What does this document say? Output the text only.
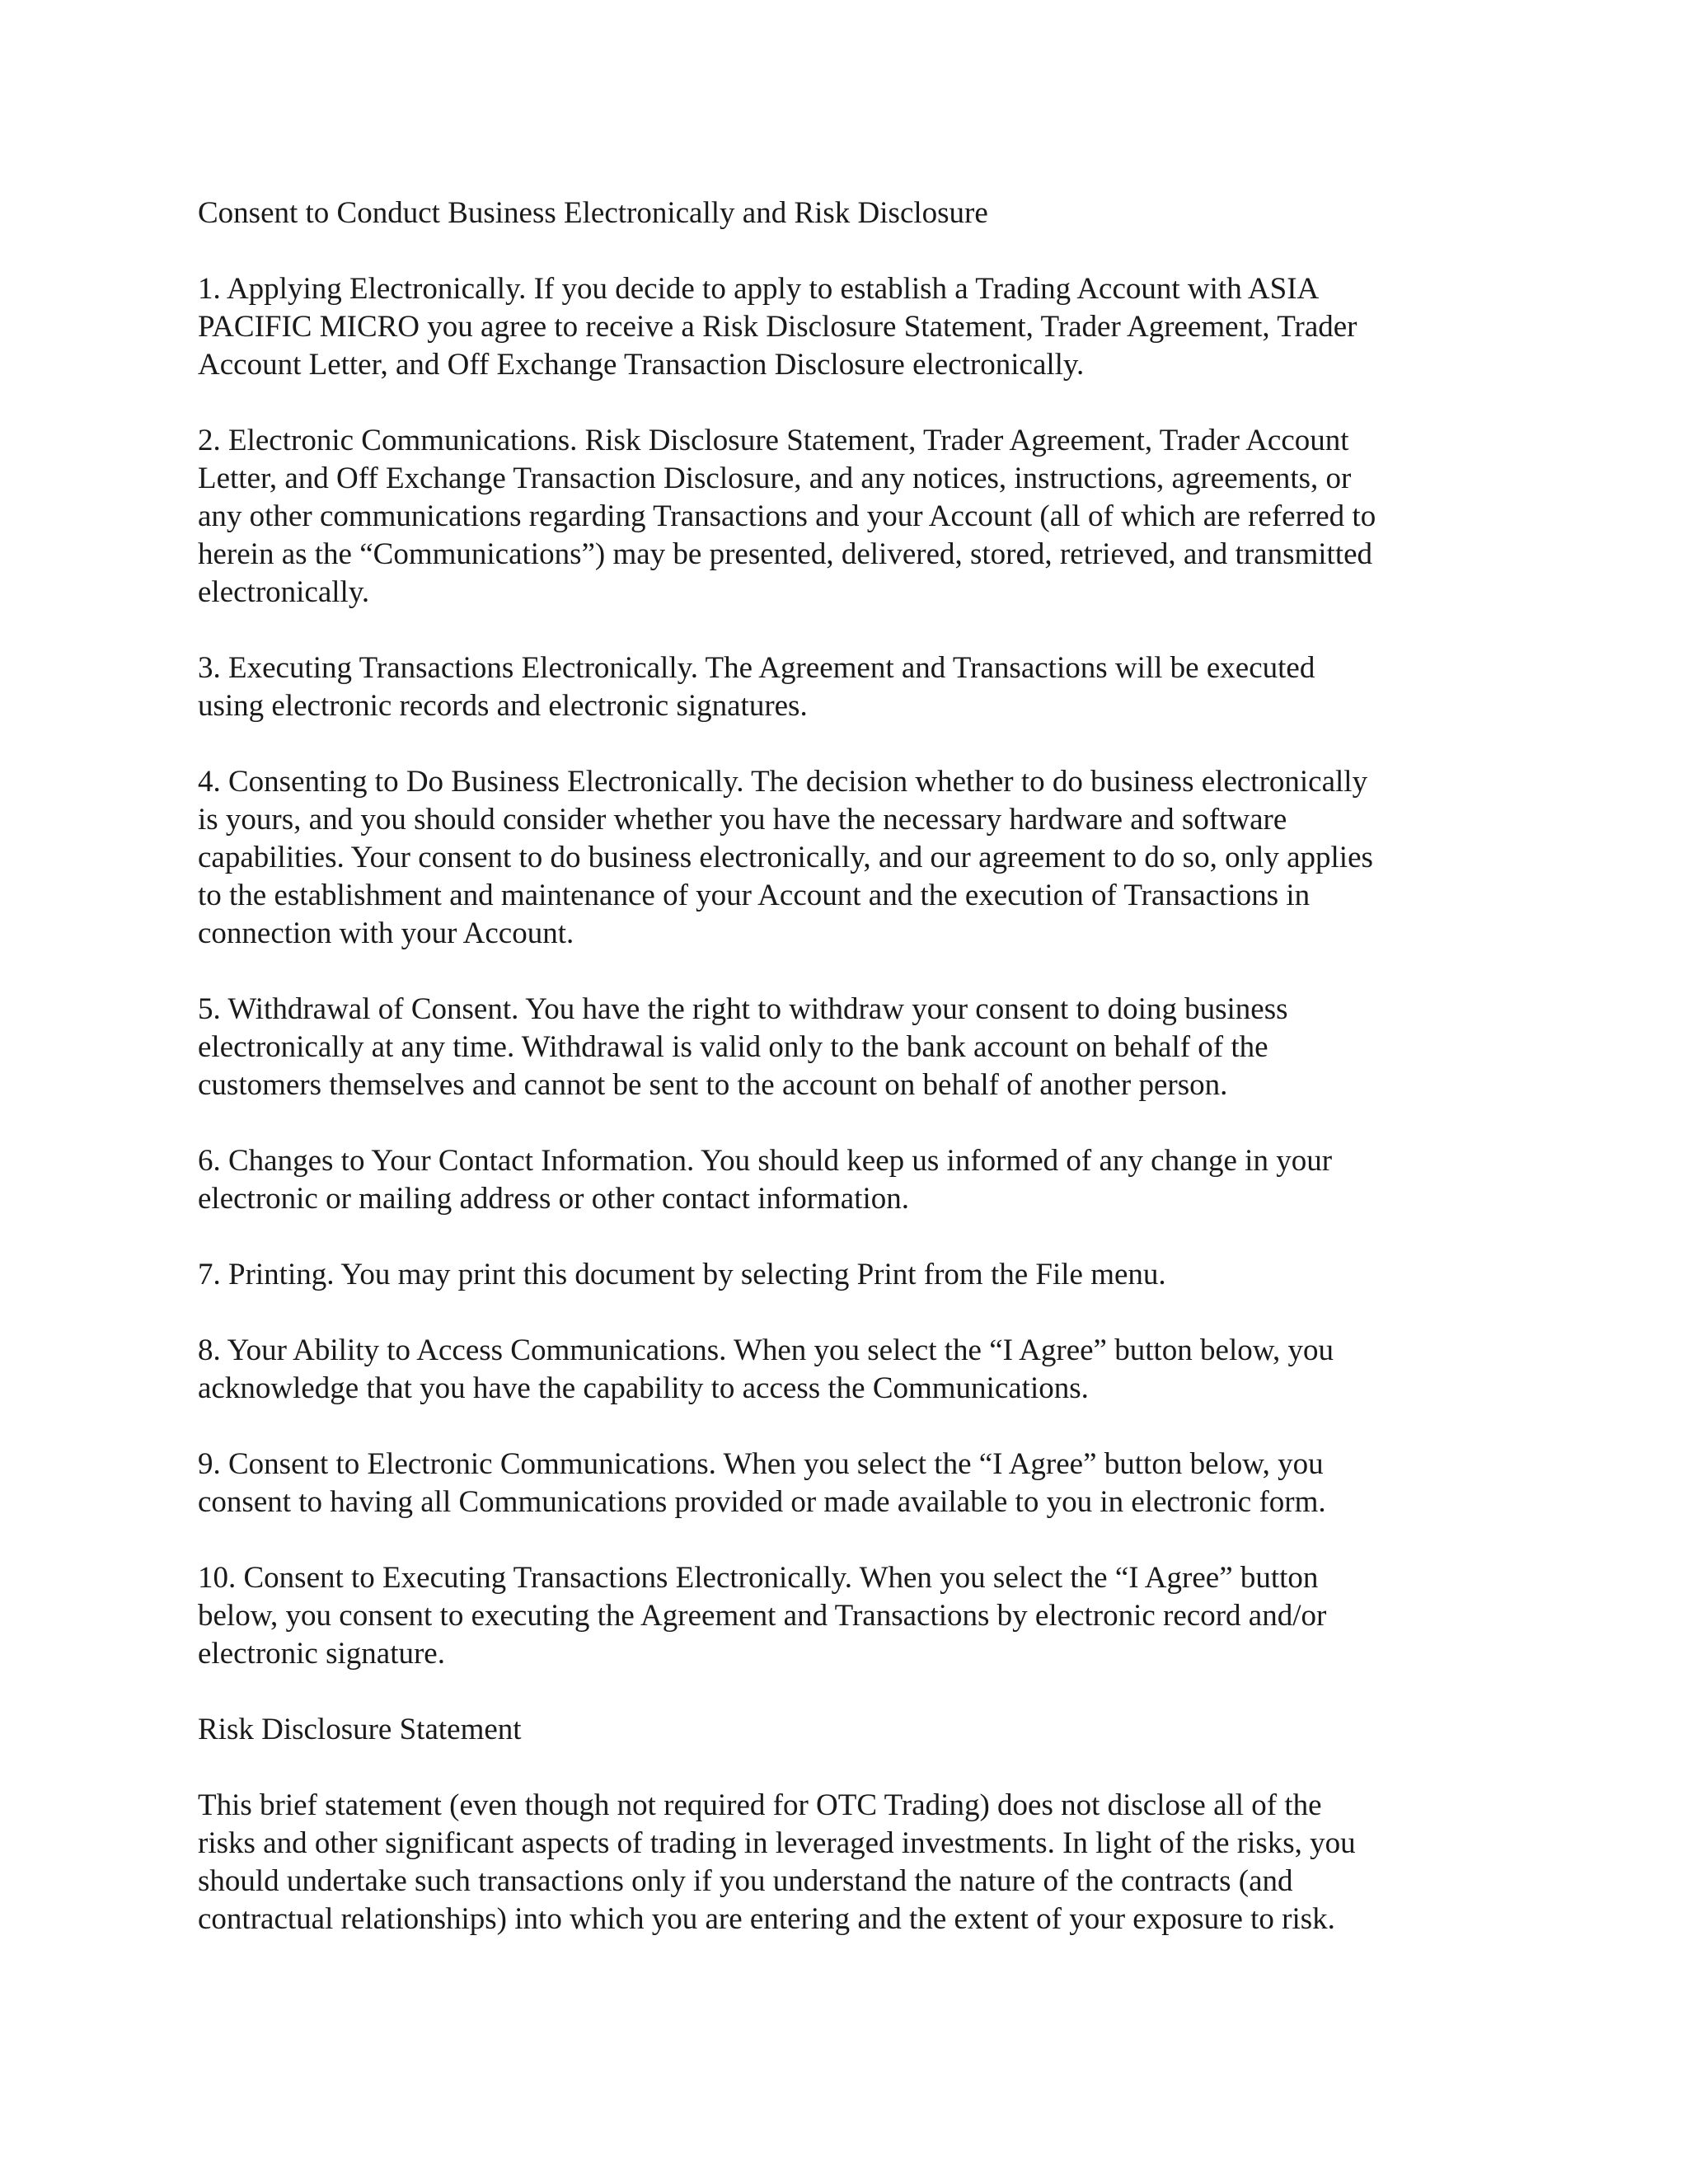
Consent to Conduct Business Electronically and Risk Disclosure

1. Applying Electronically. If you decide to apply to establish a Trading Account with ASIA
PACIFIC MICRO you agree to receive a Risk Disclosure Statement, Trader Agreement, Trader
Account Letter, and Off Exchange Transaction Disclosure electronically.

2. Electronic Communications. Risk Disclosure Statement, Trader Agreement, Trader Account
Letter, and Off Exchange Transaction Disclosure, and any notices, instructions, agreements, or
any other communications regarding Transactions and your Account (all of which are referred to
herein as the “Communications”) may be presented, delivered, stored, retrieved, and transmitted
electronically.

3. Executing Transactions Electronically. The Agreement and Transactions will be executed
using electronic records and electronic signatures.

4. Consenting to Do Business Electronically. The decision whether to do business electronically
is yours, and you should consider whether you have the necessary hardware and software
capabilities. Your consent to do business electronically, and our agreement to do so, only applies
to the establishment and maintenance of your Account and the execution of Transactions in
connection with your Account.

5. Withdrawal of Consent. You have the right to withdraw your consent to doing business
electronically at any time. Withdrawal is valid only to the bank account on behalf of the
customers themselves and cannot be sent to the account on behalf of another person.

6. Changes to Your Contact Information. You should keep us informed of any change in your
electronic or mailing address or other contact information.

7. Printing. You may print this document by selecting Print from the File menu.

8. Your Ability to Access Communications. When you select the “I Agree” button below, you
acknowledge that you have the capability to access the Communications.

9. Consent to Electronic Communications. When you select the “I Agree” button below, you
consent to having all Communications provided or made available to you in electronic form.

10. Consent to Executing Transactions Electronically. When you select the “I Agree” button
below, you consent to executing the Agreement and Transactions by electronic record and/or
electronic signature.

Risk Disclosure Statement

This brief statement (even though not required for OTC Trading) does not disclose all of the
risks and other significant aspects of trading in leveraged investments. In light of the risks, you
should undertake such transactions only if you understand the nature of the contracts (and
contractual relationships) into which you are entering and the extent of your exposure to risk.
